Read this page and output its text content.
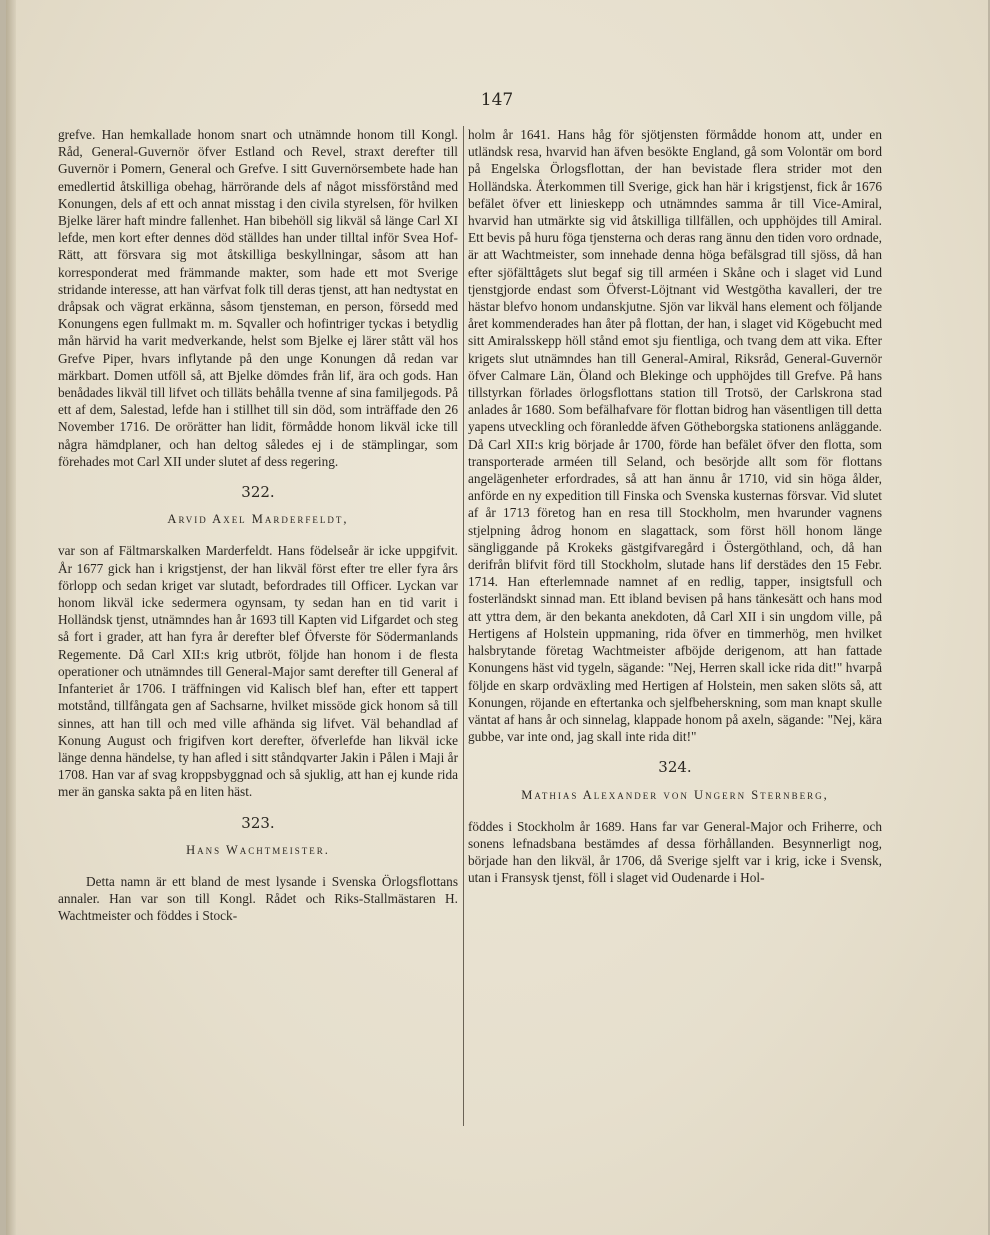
147

grefve. Han hemkallade honom snart och utnämnde honom till Kongl. Råd, General-Guvernör öfver Estland och Revel, straxt derefter till Guvernör i Pomern, General och Grefve. I sitt Guvernörsembete hade han emedlertid åtskilliga obehag, härrörande dels af något missförstånd med Konungen, dels af ett och annat misstag i den civila styrelsen, för hvilken Bjelke lärer haft mindre fallenhet. Han bibehöll sig likväl så länge Carl XI lefde, men kort efter dennes död ställdes han under tilltal inför Svea Hof-Rätt, att försvara sig mot åtskilliga beskyllningar, såsom att han korresponderat med främmande makter, som hade ett mot Sverige stridande interesse, att han värfvat folk till deras tjenst, att han nedtystat en dråpsak och vägrat erkänna, såsom tjensteman, en person, försedd med Konungens egen fullmakt m. m. Sqvaller och hofintriger tyckas i betydlig mån härvid ha varit medverkande, helst som Bjelke ej lärer stått väl hos Grefve Piper, hvars inflytande på den unge Konungen då redan var märkbart. Domen utföll så, att Bjelke dömdes från lif, ära och gods. Han benådades likväl till lifvet och tilläts behålla tvenne af sina familjegods. På ett af dem, Salestad, lefde han i stillhet till sin död, som inträffade den 26 November 1716. De orörätter han lidit, förmådde honom likväl icke till några hämdplaner, och han deltog således ej i de stämplingar, som förehades mot Carl XII under slutet af dess regering.

322.
Arvid Axel Marderfeldt,

var son af Fältmarskalken Marderfeldt. Hans födelseår är icke uppgifvit. År 1677 gick han i krigstjenst, der han likväl först efter tre eller fyra års förlopp och sedan kriget var slutadt, befordrades till Officer. Lyckan var honom likväl icke sedermera ogynsam, ty sedan han en tid varit i Holländsk tjenst, utnämndes han år 1693 till Kapten vid Lifgardet och steg så fort i grader, att han fyra år derefter blef Öfverste för Södermanlands Regemente. Då Carl XII:s krig utbröt, följde han honom i de flesta operationer och utnämndes till General-Major samt derefter till General af Infanteriet år 1706. I träffningen vid Kalisch blef han, efter ett tappert motstånd, tillfångata gen af Sachsarne, hvilket missöde gick honom så till sinnes, att han till och med ville afhända sig lifvet. Väl behandlad af Konung August och frigifven kort derefter, öfverlefde han likväl icke länge denna händelse, ty han afled i sitt ståndqvarter Jakin i Pålen i Maji år 1708. Han var af svag kroppsbyggnad och så sjuklig, att han ej kunde rida mer än ganska sakta på en liten häst.

323.
Hans Wachtmeister.

Detta namn är ett bland de mest lysande i Svenska Örlogsflottans annaler. Han var son till Kongl. Rådet och Riks-Stallmästaren H. Wachtmeister och föddes i Stock-

holm år 1641. Hans håg för sjötjensten förmådde honom att, under en utländsk resa, hvarvid han äfven besökte England, gå som Volontär om bord på Engelska Örlogsflottan, der han bevistade flera strider mot den Holländska. Återkommen till Sverige, gick han här i krigstjenst, fick år 1676 befälet öfver ett linieskepp och utnämndes samma år till Vice-Amiral, hvarvid han utmärkte sig vid åtskilliga tillfällen, och upphöjdes till Amiral. Ett bevis på huru föga tjensterna och deras rang ännu den tiden voro ordnade, är att Wachtmeister, som innehade denna höga befälsgrad till sjöss, då han efter sjöfälttågets slut begaf sig till arméen i Skåne och i slaget vid Lund tjenstgjorde endast som Öfverst-Löjtnant vid Westgötha kavalleri, der tre hästar blefvo honom undanskjutne. Sjön var likväl hans element och följande året kommenderades han åter på flottan, der han, i slaget vid Kögebucht med sitt Amiralsskepp höll stånd emot sju fientliga, och tvang dem att vika. Efter krigets slut utnämndes han till General-Amiral, Riksråd, General-Guvernör öfver Calmare Län, Öland och Blekinge och upphöjdes till Grefve. På hans tillstyrkan förlades örlogsflottans station till Trotsö, der Carlskrona stad anlades år 1680. Som befälhafvare för flottan bidrog han väsentligen till detta yapens utveckling och föranledde äfven Götheborgska stationens anläggande. Då Carl XII:s krig började år 1700, förde han befälet öfver den flotta, som transporterade arméen till Seland, och besörjde allt som för flottans angelägenheter erfordrades, så att han ännu år 1710, vid sin höga ålder, anförde en ny expedition till Finska och Svenska kusternas försvar. Vid slutet af år 1713 företog han en resa till Stockholm, men hvarunder vagnens stjelpning ådrog honom en slagattack, som först höll honom länge sängliggande på Krokeks gästgifvaregård i Östergöthland, och, då han derifrån blifvit förd till Stockholm, slutade hans lif derstädes den 15 Febr. 1714. Han efterlemnade namnet af en redlig, tapper, insigtsfull och fosterländskt sinnad man. Ett ibland bevisen på hans tänkesätt och hans mod att yttra dem, är den bekanta anekdoten, då Carl XII i sin ungdom ville, på Hertigens af Holstein uppmaning, rida öfver en timmerhög, men hvilket halsbrytande företag Wachtmeister afböjde derigenom, att han fattade Konungens häst vid tygeln, sägande: "Nej, Herren skall icke rida dit!" hvarpå följde en skarp ordväxling med Hertigen af Holstein, men saken slöts så, att Konungen, röjande en eftertanka och sjelfbeherskning, som man knapt skulle väntat af hans år och sinnelag, klappade honom på axeln, sägande: "Nej, kära gubbe, var inte ond, jag skall inte rida dit!"

324.
Mathias Alexander von Ungern Sternberg,

föddes i Stockholm år 1689. Hans far var General-Major och Friherre, och sonens lefnadsbana bestämdes af dessa förhållanden. Besynnerligt nog, började han den likväl, år 1706, då Sverige sjelft var i krig, icke i Svensk, utan i Fransysk tjenst, föll i slaget vid Oudenarde i Hol-
